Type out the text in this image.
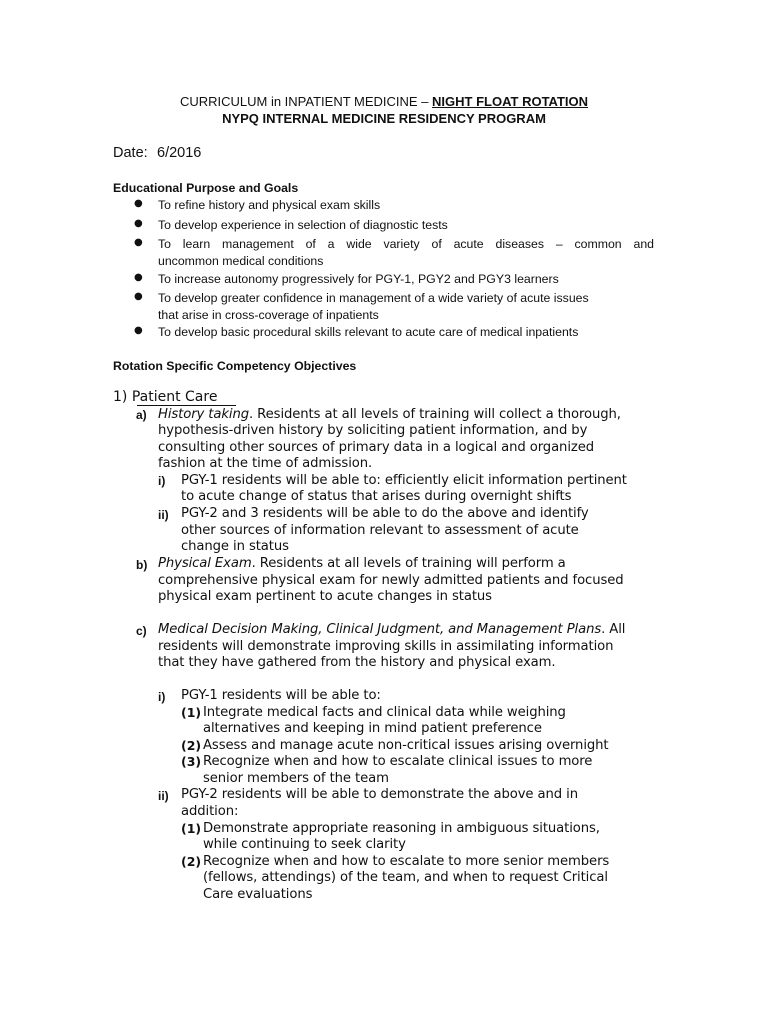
CURRICULUM in INPATIENT MEDICINE – NIGHT FLOAT ROTATION
NYPQ INTERNAL MEDICINE RESIDENCY PROGRAM
Date: 6/2016
Educational Purpose and Goals
● To refine history and physical exam skills
● To develop experience in selection of diagnostic tests
● To learn management of a wide variety of acute diseases – common and
uncommon medical conditions
● To increase autonomy progressively for PGY-1, PGY2 and PGY3 learners
● To develop greater confidence in management of a wide variety of acute issues
that arise in cross-coverage of inpatients
● To develop basic procedural skills relevant to acute care of medical inpatients
Rotation Specific Competency Objectives
1) Patient Care
a) History taking. Residents at all levels of training will collect a thorough,
hypothesis-driven history by soliciting patient information, and by
consulting other sources of primary data in a logical and organized
fashion at the time of admission.
i) PGY-1 residents will be able to: efficiently elicit information pertinent
to acute change of status that arises during overnight shifts
ii) PGY-2 and 3 residents will be able to do the above and identify
other sources of information relevant to assessment of acute
change in status
b) Physical Exam. Residents at all levels of training will perform a
comprehensive physical exam for newly admitted patients and focused
physical exam pertinent to acute changes in status
c) Medical Decision Making, Clinical Judgment, and Management Plans. All
residents will demonstrate improving skills in assimilating information
that they have gathered from the history and physical exam.
i) PGY-1 residents will be able to:
(1) Integrate medical facts and clinical data while weighing
alternatives and keeping in mind patient preference
(2) Assess and manage acute non-critical issues arising overnight
(3) Recognize when and how to escalate clinical issues to more
senior members of the team
ii) PGY-2 residents will be able to demonstrate the above and in
addition:
(1) Demonstrate appropriate reasoning in ambiguous situations,
while continuing to seek clarity
(2) Recognize when and how to escalate to more senior members
(fellows, attendings) of the team, and when to request Critical
Care evaluations
